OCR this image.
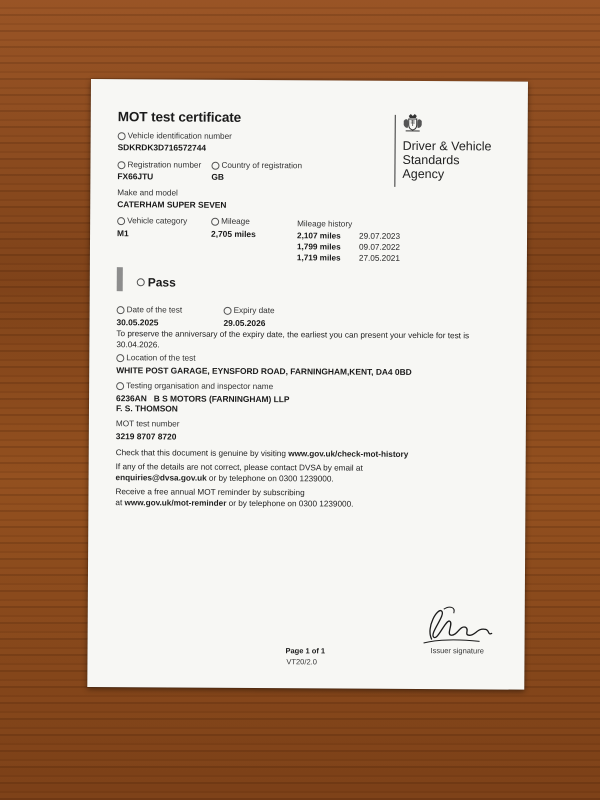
MOT test certificate
Driver & Vehicle
Standards
Agency
Vehicle identification number
SDKRDK3D716572744
Registration number
FX66JTU
Country of registration
GB
Make and model
CATERHAM SUPER SEVEN
Vehicle category
M1
Mileage
2,705 miles
Mileage history
2,107 miles	29.07.2023
1,799 miles	09.07.2022
1,719 miles	27.05.2021
Pass
Date of the test
30.05.2025
Expiry date
29.05.2026
To preserve the anniversary of the expiry date, the earliest you can present your vehicle for test is
30.04.2026.
Location of the test
WHITE POST GARAGE, EYNSFORD ROAD, FARNINGHAM,KENT, DA4 0BD
Testing organisation and inspector name
6236AN   B S MOTORS (FARNINGHAM) LLP
F. S. THOMSON
MOT test number
3219 8707 8720
Check that this document is genuine by visiting www.gov.uk/check-mot-history
If any of the details are not correct, please contact DVSA by email at
enquiries@dvsa.gov.uk or by telephone on 0300 1239000.
Receive a free annual MOT reminder by subscribing
at www.gov.uk/mot-reminder or by telephone on 0300 1239000.
Issuer signature
Page 1 of 1
VT20/2.0
